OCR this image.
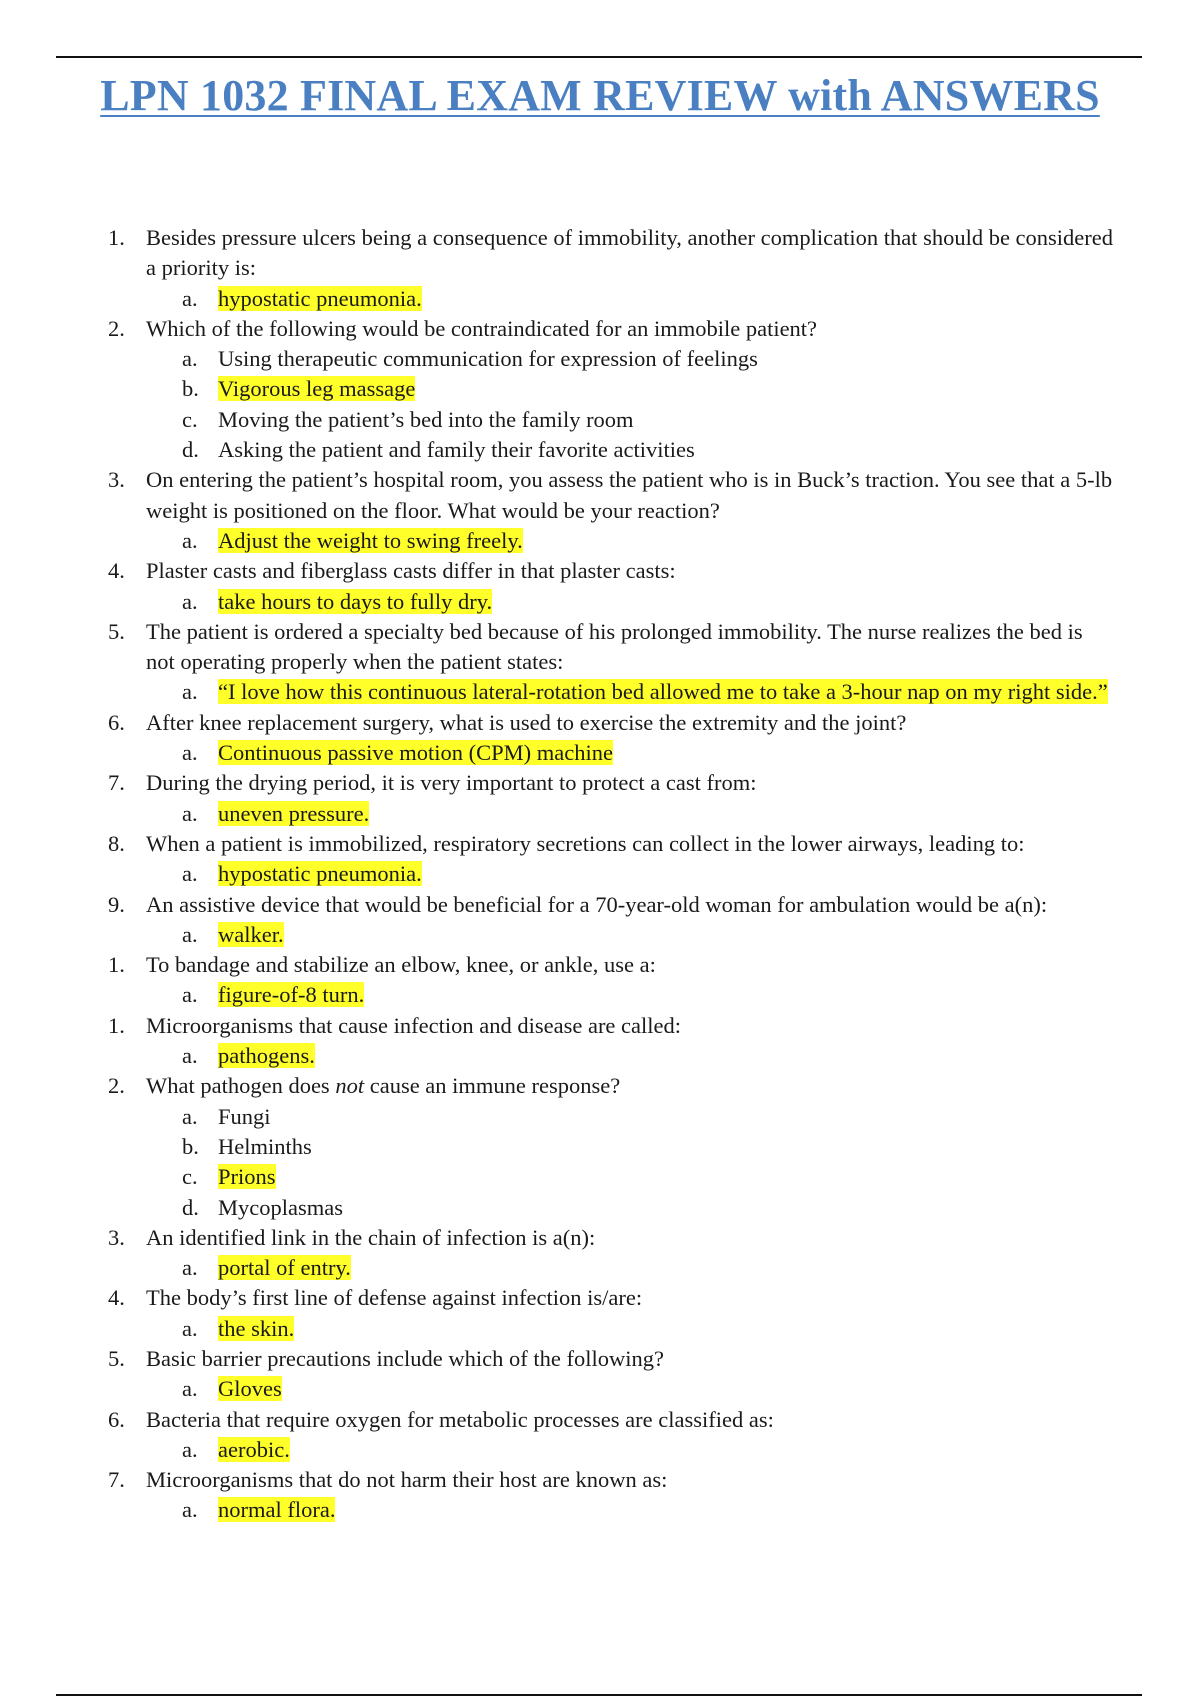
LPN 1032 FINAL EXAM REVIEW with ANSWERS
1. Besides pressure ulcers being a consequence of immobility, another complication that should be considered a priority is:
a. hypostatic pneumonia.
2. Which of the following would be contraindicated for an immobile patient?
a. Using therapeutic communication for expression of feelings
b. Vigorous leg massage
c. Moving the patient’s bed into the family room
d. Asking the patient and family their favorite activities
3. On entering the patient’s hospital room, you assess the patient who is in Buck’s traction. You see that a 5-lb weight is positioned on the floor. What would be your reaction?
a. Adjust the weight to swing freely.
4. Plaster casts and fiberglass casts differ in that plaster casts:
a. take hours to days to fully dry.
5. The patient is ordered a specialty bed because of his prolonged immobility. The nurse realizes the bed is not operating properly when the patient states:
a. “I love how this continuous lateral-rotation bed allowed me to take a 3-hour nap on my right side.”
6. After knee replacement surgery, what is used to exercise the extremity and the joint?
a. Continuous passive motion (CPM) machine
7. During the drying period, it is very important to protect a cast from:
a. uneven pressure.
8. When a patient is immobilized, respiratory secretions can collect in the lower airways, leading to:
a. hypostatic pneumonia.
9. An assistive device that would be beneficial for a 70-year-old woman for ambulation would be a(n):
a. walker.
1. To bandage and stabilize an elbow, knee, or ankle, use a:
a. figure-of-8 turn.
1. Microorganisms that cause infection and disease are called:
a. pathogens.
2. What pathogen does not cause an immune response?
a. Fungi
b. Helminths
c. Prions
d. Mycoplasmas
3. An identified link in the chain of infection is a(n):
a. portal of entry.
4. The body’s first line of defense against infection is/are:
a. the skin.
5. Basic barrier precautions include which of the following?
a. Gloves
6. Bacteria that require oxygen for metabolic processes are classified as:
a. aerobic.
7. Microorganisms that do not harm their host are known as:
a. normal flora.
